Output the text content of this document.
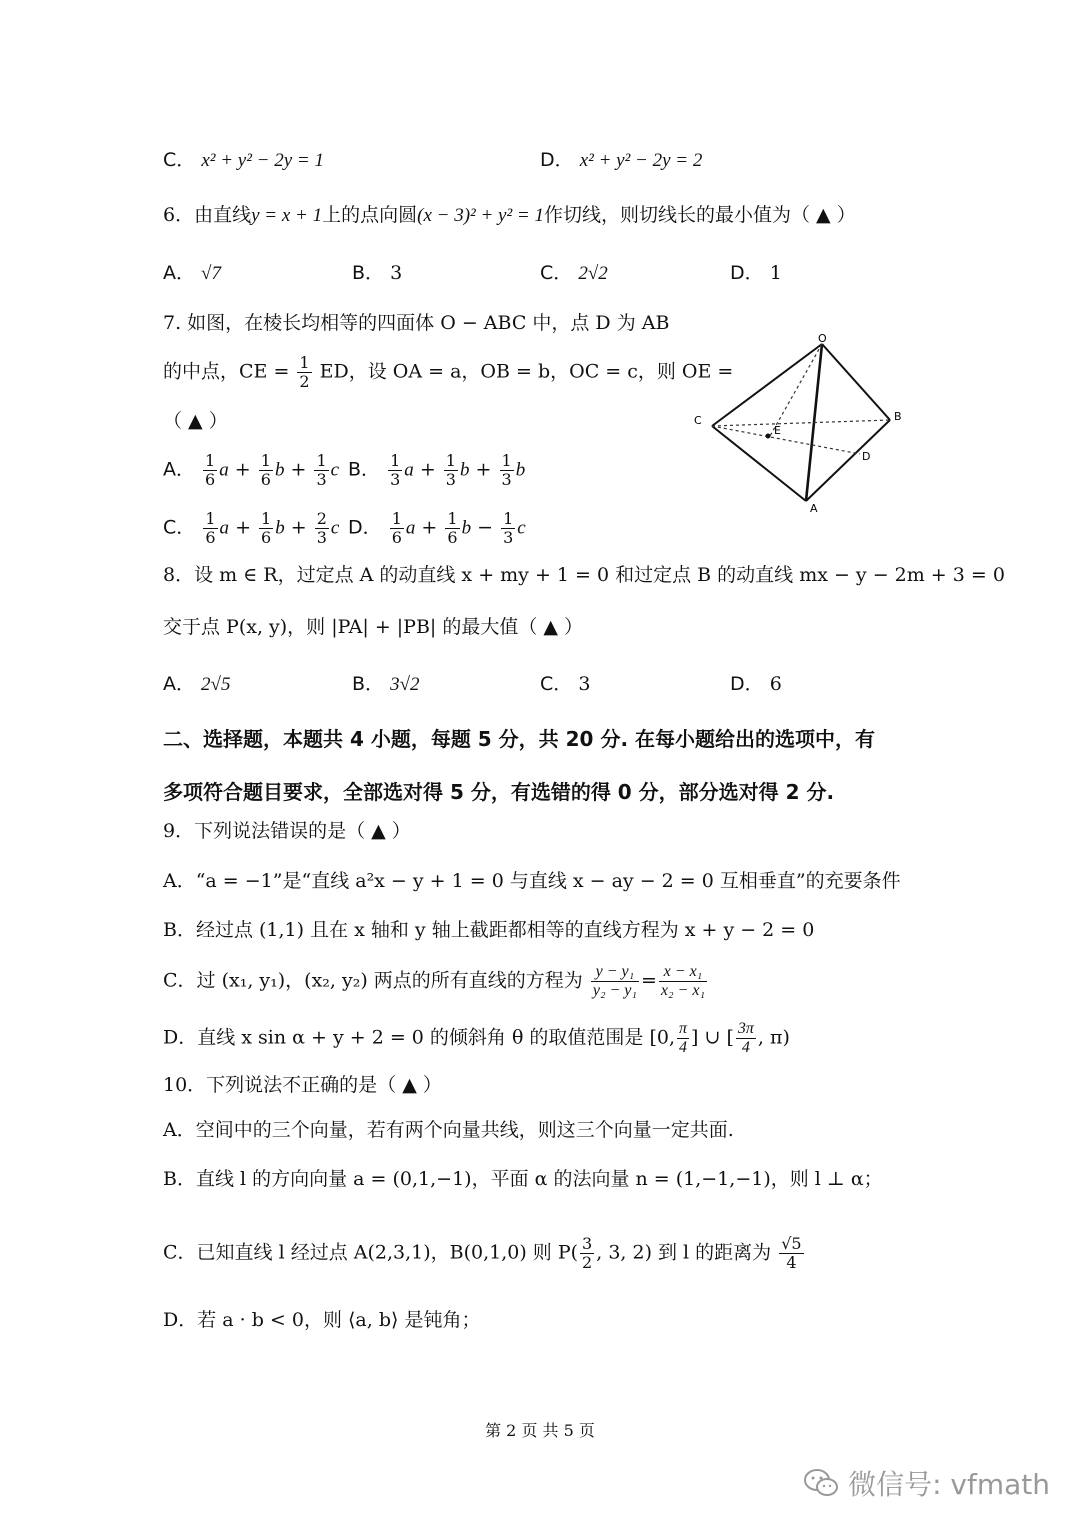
C． x² + y² − 2y = 1	D． x² + y² − 2y = 2
6．由直线y = x + 1上的点向圆(x − 3)² + y² = 1作切线，则切线长的最小值为（ ▲ ）
A． √7	B． 3	C． 2√2	D． 1
7. 如图，在棱长均相等的四面体 O − ABC 中，点 D 为 AB
的中点，CE = $\frac{1}{2}$ ED，设 OA = a，OB = b，OC = c，则 OE =
（ ▲ ）
A． $\frac{1}{6}$ $a + \frac{1}{6}$ $b + \frac{1}{3}$ c B． $\frac{1}{3}$ $a + \frac{1}{3}$ $b + \frac{1}{3}$ b
C． $\frac{1}{6}$ $a + \frac{1}{6}$ $b + \frac{2}{3}$ c D． $\frac{1}{6}$ $a + \frac{1}{6}$ $b - \frac{1}{3}$ c
O
C	B
D
E
A
8．设 m ∈ R，过定点 A 的动直线 x + my + 1 = 0 和过定点 B 的动直线 mx − y − 2m + 3 = 0
交于点 P(x, y)，则 |PA| + |PB| 的最大值（ ▲ ）
A． 2√5	B． 3√2	C． 3	D． 6
二、选择题，本题共 4 小题，每题 5 分，共 20 分. 在每小题给出的选项中，有
多项符合题目要求，全部选对得 5 分，有选错的得 0 分，部分选对得 2 分.
9．下列说法错误的是（ ▲ ）
A．“a = −1”是“直线 a²x − y + 1 = 0 与直线 x − ay − 2 = 0 互相垂直”的充要条件
B．经过点 (1,1) 且在 x 轴和 y 轴上截距都相等的直线方程为 x + y − 2 = 0
C．过 (x₁, y₁)，(x₂, y₂) 两点的所有直线的方程为 $\frac{\text{y − y₁}}{\text{y₂ − y₁}} = \frac{\text{x − x₁}}{\text{x₂ − x₁}}$
D．直线 x sin α + y + 2 = 0 的倾斜角 θ 的取值范围是 [0, $\frac{\pi}{4}$ ] ∪ [ $\frac{3\pi}{4}$ , π)
10．下列说法不正确的是（ ▲ ）
A．空间中的三个向量，若有两个向量共线，则这三个向量一定共面.
B．直线 l 的方向向量 a = (0,1,−1)，平面 α 的法向量 n = (1,−1,−1)，则 l ⊥ α；
C．已知直线 l 经过点 A(2,3,1)，B(0,1,0) 则 $P( \frac{3}{2}$ , 3, 2) 到 l 的距离为 $\frac{√5}{4}$
D．若 a · b < 0，则 ⟨a, b⟩ 是钝角；
第 2 页 共 5 页
微信号: vfmath
